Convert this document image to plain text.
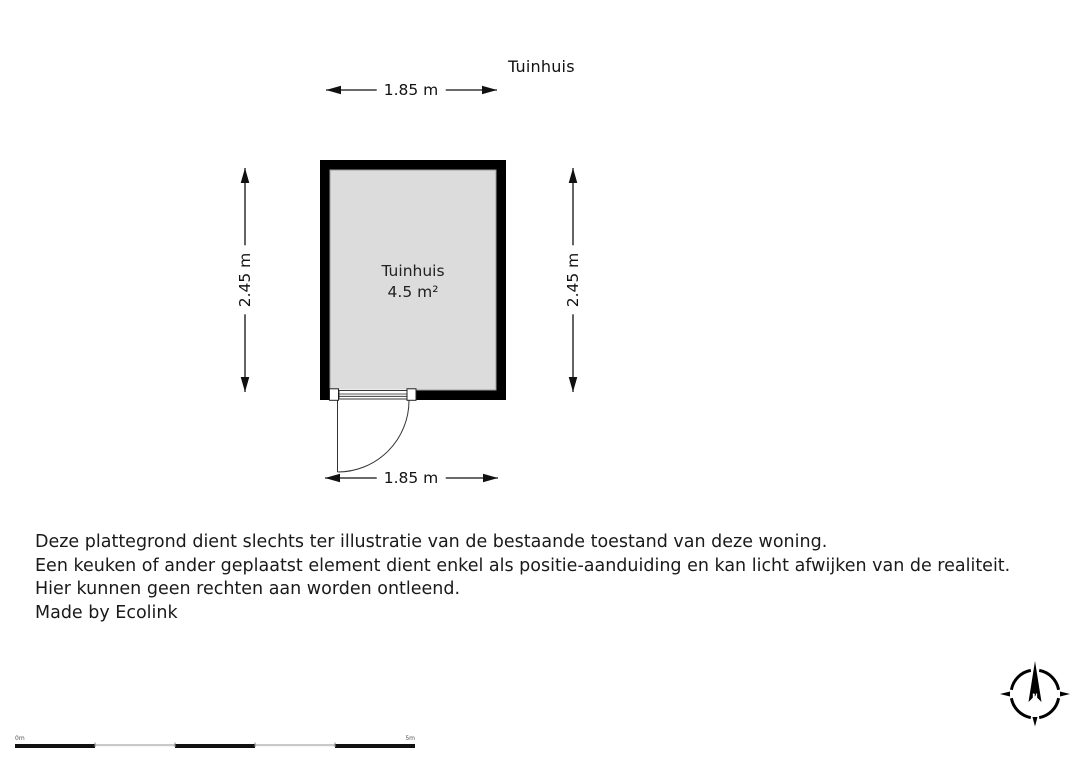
N
Tuinhuis
1.85 m
1.85 m
2.45 m	2.45 m
Tuinhuis
4.5 m²
Deze plattegrond dient slechts ter illustratie van de bestaande toestand van deze woning.
Een keuken of ander geplaatst element dient enkel als positie-aanduiding en kan licht afwijken van de realiteit.
Hier kunnen geen rechten aan worden ontleend.
Made by Ecolink
0m	5m
